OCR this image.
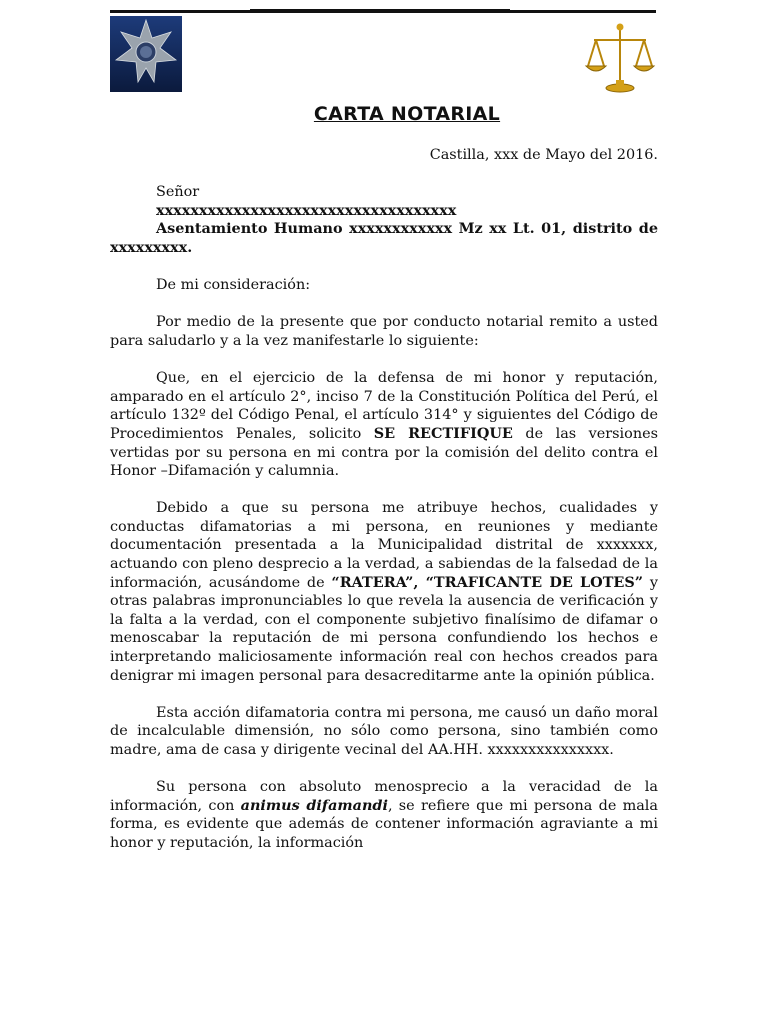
CARTA NOTARIAL

Castilla, xxx de Mayo del 2016.

Señor

xxxxxxxxxxxxxxxxxxxxxxxxxxxxxxxxxxx

Asentamiento Humano xxxxxxxxxxxx Mz xx Lt. 01, distrito de xxxxxxxxx.

De mi consideración:

Por medio de la presente que por conducto notarial remito a usted para saludarlo y a la vez manifestarle lo siguiente:

Que, en el ejercicio de la defensa de mi honor y reputación, amparado en el artículo 2°, inciso 7 de la Constitución Política del Perú, el artículo 132º del Código Penal, el artículo 314° y siguientes del Código de Procedimientos Penales, solicito SE RECTIFIQUE de las versiones vertidas por su persona en mi contra por la comisión del delito contra el Honor –Difamación y calumnia.

Debido a que su persona me atribuye hechos, cualidades y conductas difamatorias a mi persona, en reuniones y mediante documentación presentada a la Municipalidad distrital de xxxxxxx, actuando con pleno desprecio a la verdad, a sabiendas de la falsedad de la información, acusándome de “RATERA”, “TRAFICANTE DE LOTES” y otras palabras impronunciables lo que revela la ausencia de verificación y la falta a la verdad, con el componente subjetivo finalísimo de difamar o menoscabar la reputación de mi persona confundiendo los hechos e interpretando maliciosamente información real con hechos creados para denigrar mi imagen personal para desacreditarme ante la opinión pública.

Esta acción difamatoria contra mi persona, me causó un daño moral de incalculable dimensión, no sólo como persona, sino también como madre, ama de casa y dirigente vecinal del AA.HH. xxxxxxxxxxxxxxx.

Su persona con absoluto menosprecio a la veracidad de la información, con animus difamandi, se refiere que mi persona de mala forma, es evidente que además de contener información agraviante a mi honor y reputación, la información
